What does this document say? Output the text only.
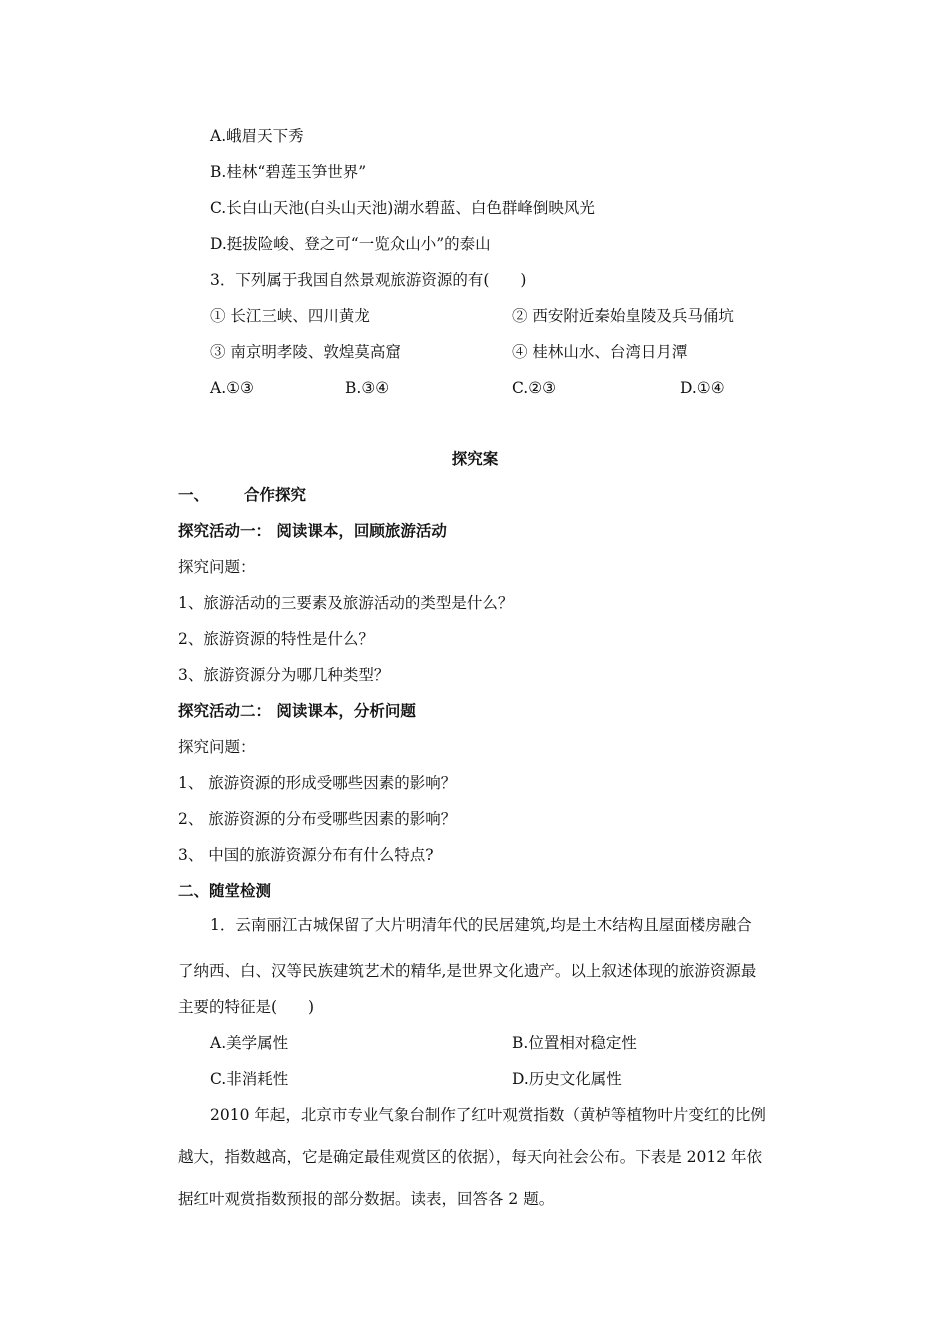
A.峨眉天下秀
B.桂林“碧莲玉笋世界”
C.长白山天池(白头山天池)湖水碧蓝、白色群峰倒映风光
D.挺拔险峻、登之可“一览众山小”的泰山
3．下列属于我国自然景观旅游资源的有(　　)
① 长江三峡、四川黄龙	② 西安附近秦始皇陵及兵马俑坑
③ 南京明孝陵、敦煌莫高窟	④ 桂林山水、台湾日月潭
A.①③	B.③④	C.②③	D.①④
探究案
一、 合作探究
探究活动一： 阅读课本，回顾旅游活动
探究问题：
1、旅游活动的三要素及旅游活动的类型是什么？
2、旅游资源的特性是什么？
3、旅游资源分为哪几种类型？
探究活动二： 阅读课本，分析问题
探究问题：
1、 旅游资源的形成受哪些因素的影响？
2、 旅游资源的分布受哪些因素的影响？
3、 中国的旅游资源分布有什么特点?
二、随堂检测
1．云南丽江古城保留了大片明清年代的民居建筑,均是土木结构且屋面楼房融合
了纳西、白、汉等民族建筑艺术的精华,是世界文化遗产。以上叙述体现的旅游资源最
主要的特征是(　　)
A.美学属性	B.位置相对稳定性
C.非消耗性	D.历史文化属性
2010 年起，北京市专业气象台制作了红叶观赏指数（黄栌等植物叶片变红的比例
越大，指数越高，它是确定最佳观赏区的依据），每天向社会公布。下表是 2012 年依
据红叶观赏指数预报的部分数据。读表，回答各 2 题。
